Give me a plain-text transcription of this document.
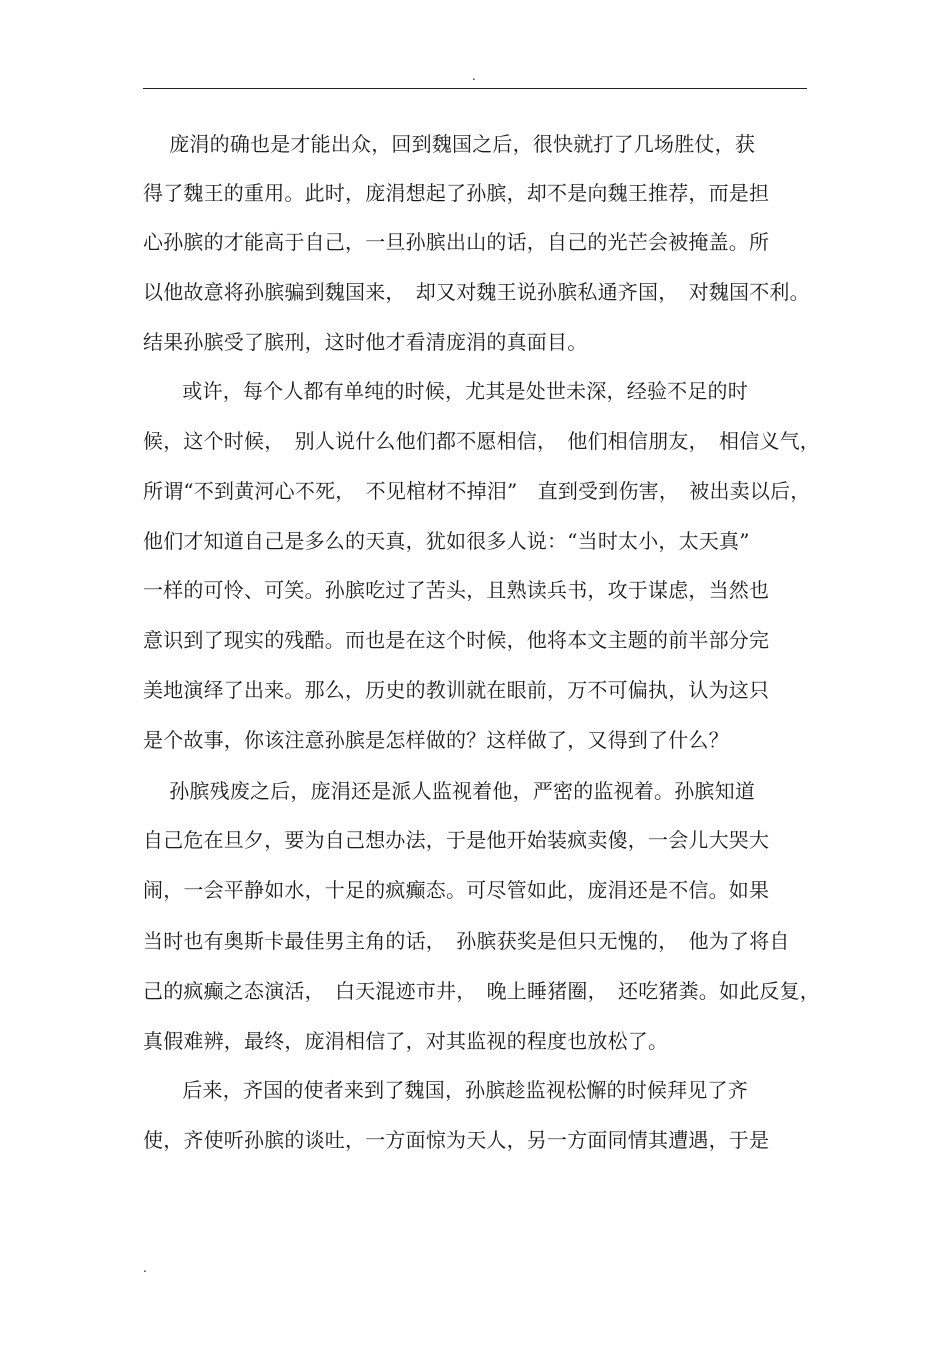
.
庞涓的确也是才能出众，回到魏国之后，很快就打了几场胜仗，获
得了魏王的重用。此时，庞涓想起了孙膑，却不是向魏王推荐，而是担
心孙膑的才能高于自己，一旦孙膑出山的话，自己的光芒会被掩盖。所
以他故意将孙膑骗到魏国来，　却又对魏王说孙膑私通齐国，　对魏国不利。
结果孙膑受了膑刑，这时他才看清庞涓的真面目。
或许，每个人都有单纯的时候，尤其是处世未深，经验不足的时
候，这个时候，　别人说什么他们都不愿相信，　他们相信朋友，　相信义气，
所谓“不到黄河心不死，　不见棺材不掉泪”　直到受到伤害，　被出卖以后，
他们才知道自己是多么的天真，犹如很多人说：“当时太小，太天真”
一样的可怜、可笑。孙膑吃过了苦头，且熟读兵书，攻于谋虑，当然也
意识到了现实的残酷。而也是在这个时候，他将本文主题的前半部分完
美地演绎了出来。那么，历史的教训就在眼前，万不可偏执，认为这只
是个故事，你该注意孙膑是怎样做的？这样做了，又得到了什么？
孙膑残废之后，庞涓还是派人监视着他，严密的监视着。孙膑知道
自己危在旦夕，要为自己想办法，于是他开始装疯卖傻，一会儿大哭大
闹，一会平静如水，十足的疯癫态。可尽管如此，庞涓还是不信。如果
当时也有奥斯卡最佳男主角的话，　孙膑获奖是但只无愧的，　他为了将自
己的疯癫之态演活，　白天混迹市井，　晚上睡猪圈，　还吃猪粪。如此反复，
真假难辨，最终，庞涓相信了，对其监视的程度也放松了。
后来，齐国的使者来到了魏国，孙膑趁监视松懈的时候拜见了齐
使，齐使听孙膑的谈吐，一方面惊为天人，另一方面同情其遭遇，于是
.
